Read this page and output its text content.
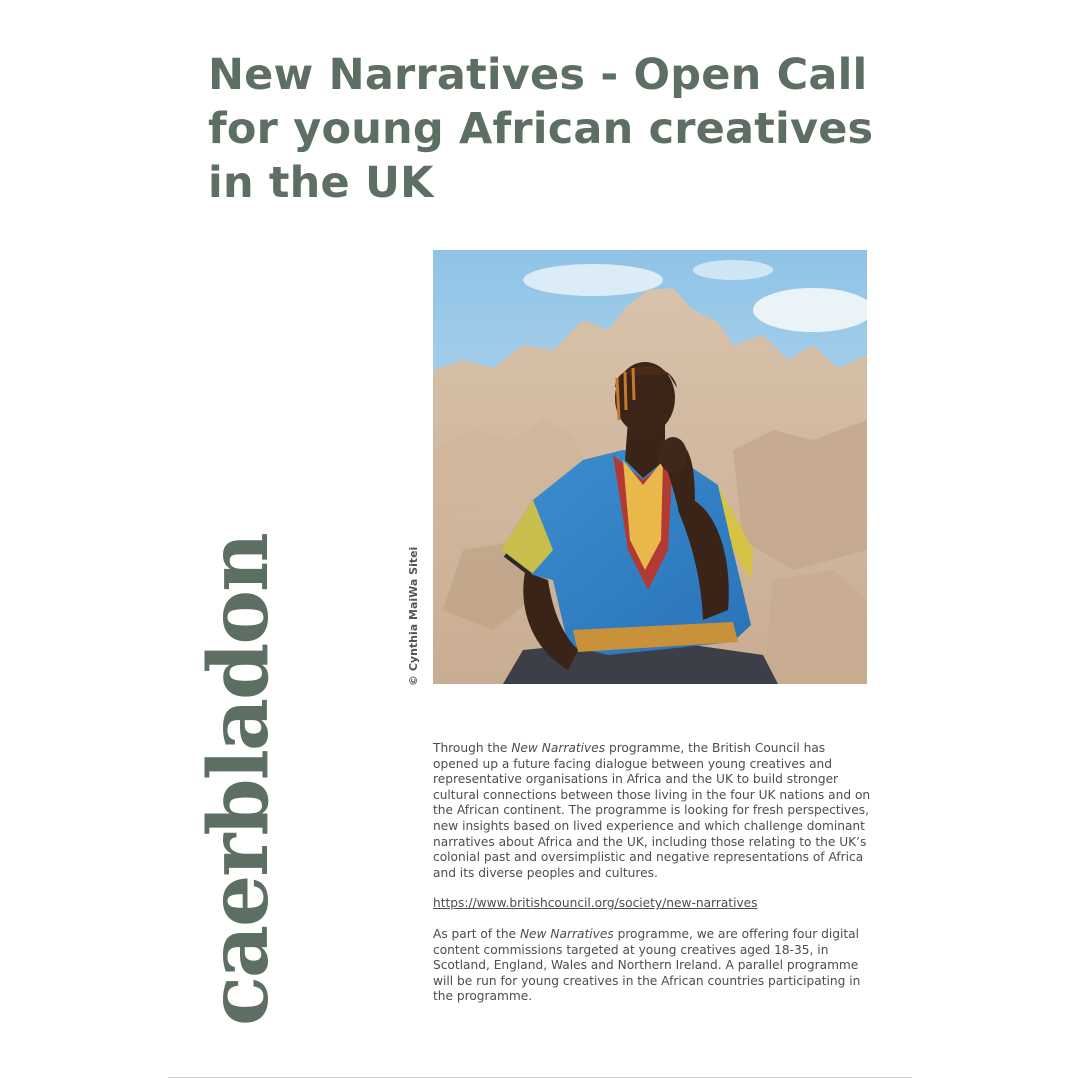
New Narratives - Open Call for young African creatives in the UK
caerbladon	© Cynthia MaiWa Sitei

Through the New Narratives programme, the British Council has opened up a future facing dialogue between young creatives and representative organisations in Africa and the UK to build stronger cultural connections between those living in the four UK nations and on the African continent. The programme is looking for fresh perspectives, new insights based on lived experience and which challenge dominant narratives about Africa and the UK, including those relating to the UK’s colonial past and oversimplistic and negative representations of Africa and its diverse peoples and cultures.

https://www.britishcouncil.org/society/new-narratives

As part of the New Narratives programme, we are offering four digital content commissions targeted at young creatives aged 18-35, in Scotland, England, Wales and Northern Ireland. A parallel programme will be run for young creatives in the African countries participating in the programme.
